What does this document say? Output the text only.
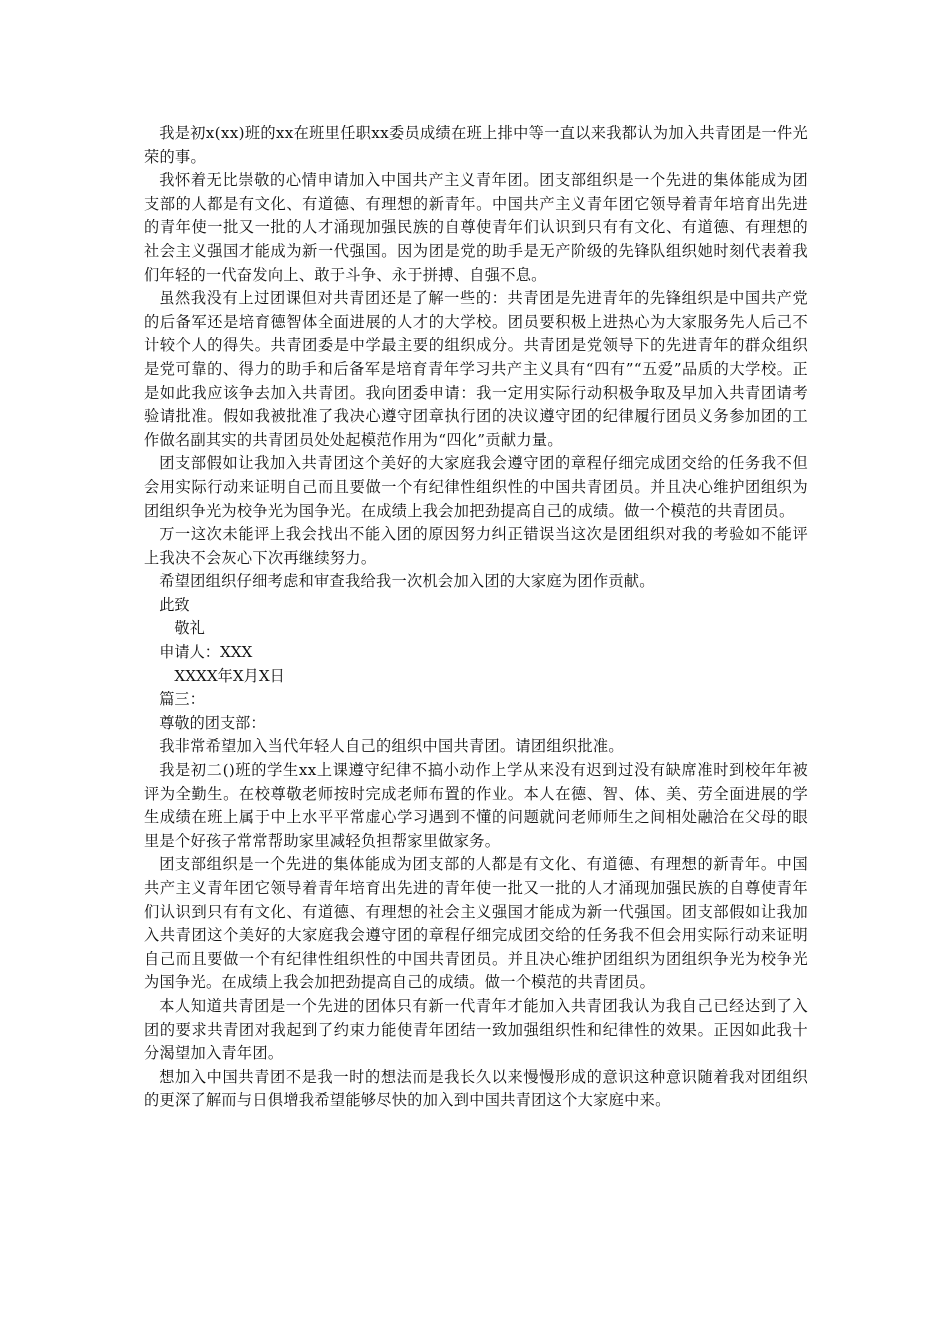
我是初x(xx)班的xx在班里任职xx委员成绩在班上排中等一直以来我都认为加入共青团是一件光荣的事。

我怀着无比崇敬的心情申请加入中国共产主义青年团。团支部组织是一个先进的集体能成为团支部的人都是有文化、有道德、有理想的新青年。中国共产主义青年团它领导着青年培育出先进的青年使一批又一批的人才涌现加强民族的自尊使青年们认识到只有有文化、有道德、有理想的社会主义强国才能成为新一代强国。因为团是党的助手是无产阶级的先锋队组织她时刻代表着我们年轻的一代奋发向上、敢于斗争、永于拼搏、自强不息。

虽然我没有上过团课但对共青团还是了解一些的：共青团是先进青年的先锋组织是中国共产党的后备军还是培育德智体全面进展的人才的大学校。团员要积极上进热心为大家服务先人后己不计较个人的得失。共青团委是中学最主要的组织成分。共青团是党领导下的先进青年的群众组织是党可靠的、得力的助手和后备军是培育青年学习共产主义具有“四有”“五爱”品质的大学校。正是如此我应该争去加入共青团。我向团委申请：我一定用实际行动积极争取及早加入共青团请考验请批准。假如我被批准了我决心遵守团章执行团的决议遵守团的纪律履行团员义务参加团的工作做名副其实的共青团员处处起模范作用为“四化”贡献力量。

团支部假如让我加入共青团这个美好的大家庭我会遵守团的章程仔细完成团交给的任务我不但会用实际行动来证明自己而且要做一个有纪律性组织性的中国共青团员。并且决心维护团组织为团组织争光为校争光为国争光。在成绩上我会加把劲提高自己的成绩。做一个模范的共青团员。

万一这次未能评上我会找出不能入团的原因努力纠正错误当这次是团组织对我的考验如不能评上我决不会灰心下次再继续努力。

希望团组织仔细考虑和审查我给我一次机会加入团的大家庭为团作贡献。

此致

敬礼

申请人：XXX

XXXX年X月X日

篇三：

尊敬的团支部：

我非常希望加入当代年轻人自己的组织中国共青团。请团组织批准。

我是初二()班的学生xx上课遵守纪律不搞小动作上学从来没有迟到过没有缺席准时到校年年被评为全勤生。在校尊敬老师按时完成老师布置的作业。本人在德、智、体、美、劳全面进展的学生成绩在班上属于中上水平平常虚心学习遇到不懂的问题就问老师师生之间相处融洽在父母的眼里是个好孩子常常帮助家里减轻负担帮家里做家务。

团支部组织是一个先进的集体能成为团支部的人都是有文化、有道德、有理想的新青年。中国共产主义青年团它领导着青年培育出先进的青年使一批又一批的人才涌现加强民族的自尊使青年们认识到只有有文化、有道德、有理想的社会主义强国才能成为新一代强国。团支部假如让我加入共青团这个美好的大家庭我会遵守团的章程仔细完成团交给的任务我不但会用实际行动来证明自己而且要做一个有纪律性组织性的中国共青团员。并且决心维护团组织为团组织争光为校争光为国争光。在成绩上我会加把劲提高自己的成绩。做一个模范的共青团员。

本人知道共青团是一个先进的团体只有新一代青年才能加入共青团我认为我自己已经达到了入团的要求共青团对我起到了约束力能使青年团结一致加强组织性和纪律性的效果。正因如此我十分渴望加入青年团。

想加入中国共青团不是我一时的想法而是我长久以来慢慢形成的意识这种意识随着我对团组织的更深了解而与日俱增我希望能够尽快的加入到中国共青团这个大家庭中来。
